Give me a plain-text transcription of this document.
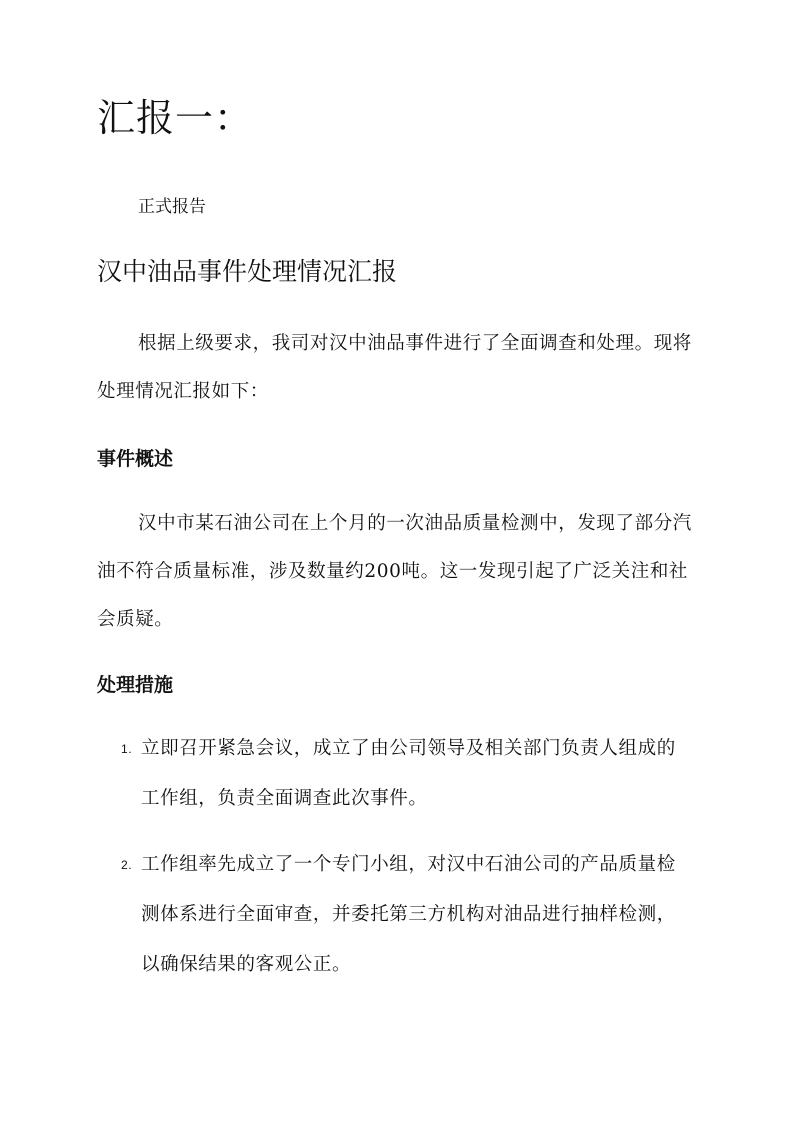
汇报一：

正式报告

汉中油品事件处理情况汇报

根据上级要求，我司对汉中油品事件进行了全面调查和处理。现将处理情况汇报如下：

事件概述

汉中市某石油公司在上个月的一次油品质量检测中，发现了部分汽油不符合质量标准，涉及数量约200吨。这一发现引起了广泛关注和社会质疑。

处理措施
1. 立即召开紧急会议，成立了由公司领导及相关部门负责人组成的工作组，负责全面调查此次事件。
2. 工作组率先成立了一个专门小组，对汉中石油公司的产品质量检测体系进行全面审查，并委托第三方机构对油品进行抽样检测，以确保结果的客观公正。
